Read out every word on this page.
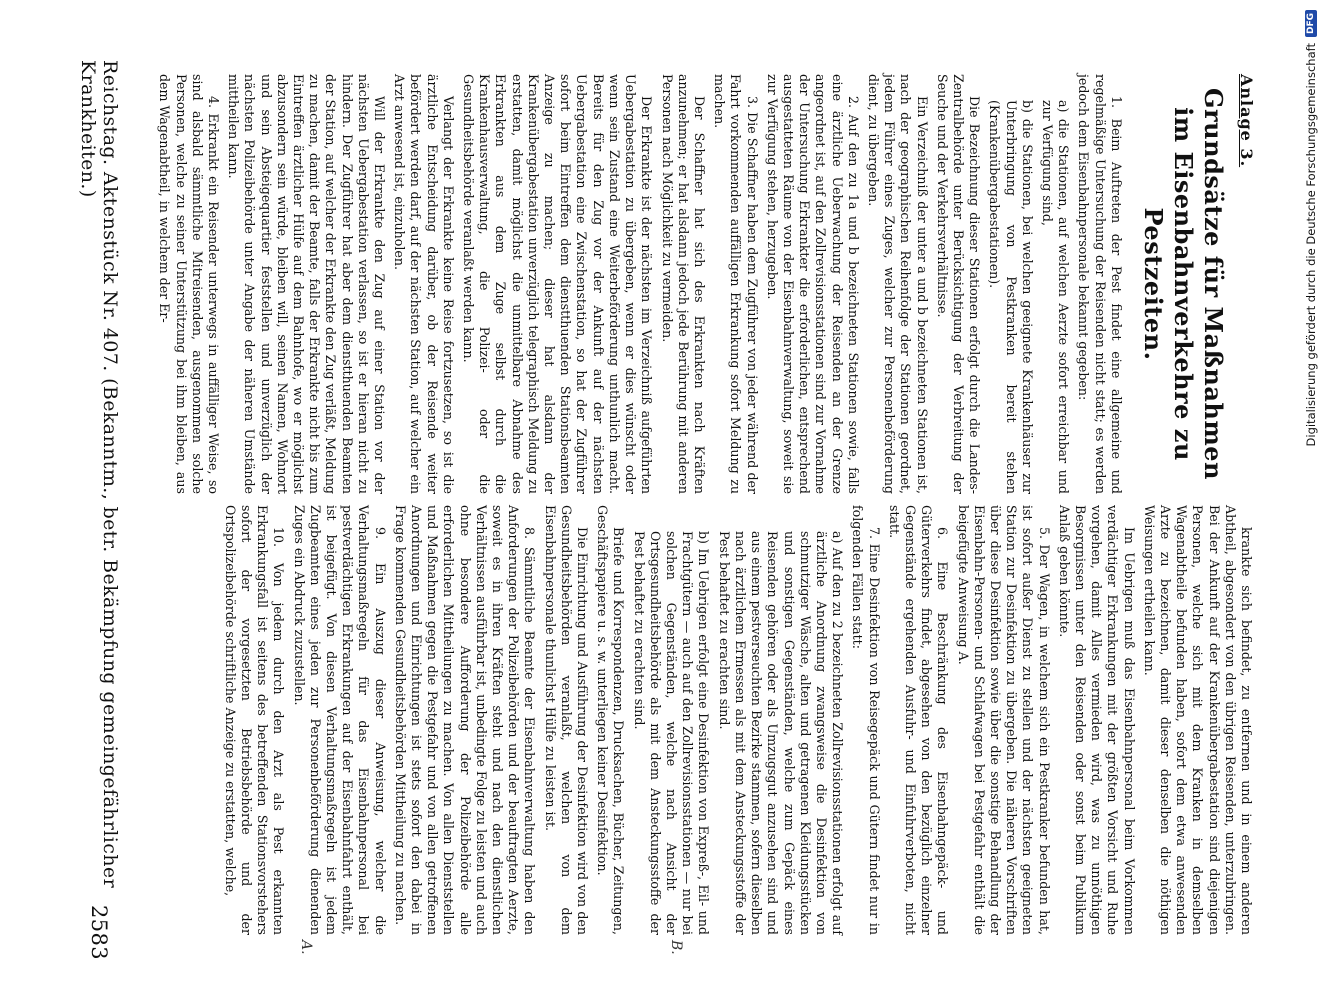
Reichstag. Aktenstück Nr. 407. (Bekanntm., betr. Bekämpfung gemeingefährlicher Krankheiten.)
2583
Anlage 3.
Grundsätze für Maßnahmen im Eisenbahnverkehre zu Pestzeiten.

1. Beim Auftreten der Pest findet eine allgemeine und regelmäßige Untersuchung der Reisenden nicht statt; es werden jedoch dem Eisenbahnpersonale bekannt gegeben:

a) die Stationen, auf welchen Aerzte sofort erreichbar und zur Verfügung sind,

b) die Stationen, bei welchen geeignete Krankenhäuser zur Unterbringung von Pestkranken bereit stehen (Krankenübergabestationen).

Die Bezeichnung dieser Stationen erfolgt durch die Landes-Zentralbehörde unter Berücksichtigung der Verbreitung der Seuche und der Verkehrsverhältnisse.

Ein Verzeichniß der unter a und b bezeichneten Stationen ist, nach der geographischen Reihenfolge der Stationen geordnet, jedem Führer eines Zuges, welcher zur Personenbeförderung dient, zu übergeben.

2. Auf den zu 1a und b bezeichneten Stationen sowie, falls eine ärztliche Ueberwachung der Reisenden an der Grenze angeordnet ist, auf den Zollrevisionsstationen sind zur Vornahme der Untersuchung Erkrankter die erforderlichen, entsprechend ausgestatteten Räume von der Eisenbahnverwaltung, soweit sie zur Verfügung stehen, herzugeben.

3. Die Schaffner haben dem Zugführer von jeder während der Fahrt vorkommenden auffälligen Erkrankung sofort Meldung zu machen.

Der Schaffner hat sich des Erkrankten nach Kräften anzunehmen; er hat alsdann jedoch jede Berührung mit anderen Personen nach Möglichkeit zu vermeiden.

Der Erkrankte ist der nächsten im Verzeichniß aufgeführten Uebergabestation zu übergeben, wenn er dies wünscht oder wenn sein Zustand eine Weiterbeförderung unthunlich macht. Bereits für den Zug vor der Ankunft auf der nächsten Uebergabestation eine Zwischenstation, so hat der Zugführer sofort beim Eintreffen dem dienstthuenden Stationsbeamten Anzeige zu machen; dieser hat alsdann der Krankenübergabestation unverzüglich telegraphisch Meldung zu erstatten, damit möglichst die unmittelbare Abnahme des Erkrankten aus dem Zuge selbst durch die Krankenhausverwaltung, die Polizei- oder die Gesundheitsbehörde veranlaßt werden kann.

Verlangt der Erkrankte keine Reise fortzusetzen, so ist die ärztliche Entscheidung darüber, ob der Reisende weiter befördert werden darf, auf der nächsten Station, auf welcher ein Arzt anwesend ist, einzuholen.

Will der Erkrankte den Zug auf einer Station vor der nächsten Uebergabestation verlassen, so ist er hieran nicht zu hindern. Der Zugführer hat aber dem dienstthuenden Beamten der Station, auf welcher der Erkrankte den Zug verläßt, Meldung zu machen, damit der Beamte, falls der Erkrankte nicht bis zum Eintreffen ärztlicher Hülfe auf dem Bahnhofe, wo er möglichst abzusondern sein würde, bleiben will, seinen Namen, Wohnort und sein Absteigequartier feststellen und unverzüglich der nächsten Polizeibehörde unter Angabe der näheren Umstände mittheilen kann.

4. Erkrankt ein Reisender unterwegs in auffälliger Weise, so sind alsbald sämmtliche Mitreisenden, ausgenommen solche Personen, welche zu seiner Unterstützung bei ihm bleiben, aus dem Wagenabtheil, in welchem der Er-

krankte sich befindet, zu entfernen und in einem anderen Abtheil, abgesondert von den übrigen Reisenden, unterzubringen. Bei der Ankunft auf der Krankenübergabestation sind diejenigen Personen, welche sich mit dem Kranken in demselben Wagenabtheile befunden haben, sofort dem etwa anwesenden Arzte zu bezeichnen, damit dieser denselben die nöthigen Weisungen ertheilen kann.

Im Uebrigen muß das Eisenbahnpersonal beim Vorkommen verdächtiger Erkrankungen mit der größten Vorsicht und Ruhe vorgehen, damit Alles vermieden wird, was zu unnöthigen Besorgnissen unter den Reisenden oder sonst beim Publikum Anlaß geben könnte.

5. Der Wagen, in welchem sich ein Pestkranker befunden hat, ist sofort außer Dienst zu stellen und der nächsten geeigneten Station zur Desinfektion zu übergeben. Die näheren Vorschriften über diese Desinfektion sowie über die sonstige Behandlung der Eisenbahn-Personen- und Schlafwagen bei Pestgefahr enthält die beigefügte Anweisung A.

6. Eine Beschränkung des Eisenbahngepäck- und Güterverkehrs findet, abgesehen von den bezüglich einzelner Gegenstände ergehenden Ausfuhr- und Einfuhrverboten, nicht statt.

7. Eine Desinfektion von Reisegepäck und Gütern findet nur in folgenden Fällen statt:

a) Auf den zu 2 bezeichneten Zollrevisionsstationen erfolgt auf ärztliche Anordnung zwangsweise die Desinfektion von schmutziger Wäsche, alten und getragenen Kleidungsstücken und sonstigen Gegenständen, welche zum Gepäck eines Reisenden gehören oder als Umzugsgut anzusehen sind und aus einem pestverseuchten Bezirke stammen, sofern dieselben nach ärztlichem Ermessen als mit dem Ansteckungsstoffe der Pest behaftet zu erachten sind.

b) Im Uebrigen erfolgt eine Desinfektion von Expreß-, Eil- und Frachtgütern — auch auf den Zollrevisionsstationen — nur bei solchen Gegenständen, welche nach Ansicht der Ortsgesundheitsbehörde als mit dem Ansteckungsstoffe der Pest behaftet zu erachten sind.

Briefe und Korrespondenzen, Drucksachen, Bücher, Zeitungen, Geschäftspapiere u. s. w. unterliegen keiner Desinfektion.

Die Einrichtung und Ausführung der Desinfektion wird von den Gesundheitsbehörden veranlaßt, welchen von dem Eisenbahnpersonale thunlichst Hülfe zu leisten ist.

8. Sämmtliche Beamte der Eisenbahnverwaltung haben den Anforderungen der Polizeibehörden und der beauftragten Aerzte, soweit es in ihren Kräften steht und nach den dienstlichen Verhältnissen ausführbar ist, unbedingte Folge zu leisten und auch ohne besondere Aufforderung der Polizeibehörde alle erforderlichen Mittheilungen zu machen. Von allen Dienststellen und Maßnahmen gegen die Pestgefahr und von allen getroffenen Anordnungen und Einrichtungen ist stets sofort den dabei in Frage kommenden Gesundheitsbehörden Mittheilung zu machen.

9. Ein Auszug dieser Anweisung, welcher die Verhaltungsmaßregeln für das Eisenbahnpersonal bei pestverdächtigen Erkrankungen auf der Eisenbahnfahrt enthält, ist beigefügt. Von diesen Verhaltungsmaßregeln ist jedem Zugbeamten eines jeden zur Personenbeförderung dienenden Zuges ein Abdruck zuzustellen.

10. Von jedem durch den Arzt als Pest erkannten Erkrankungsfall ist seitens des betreffenden Stationsvorstehers sofort der vorgesetzten Betriebsbehörde und der Ortspolizeibehörde schriftliche Anzeige zu erstatten, welche,

A.	B.
Digitalisierung gefördert durch die Deutsche Forschungsgemeinschaft
DFG
